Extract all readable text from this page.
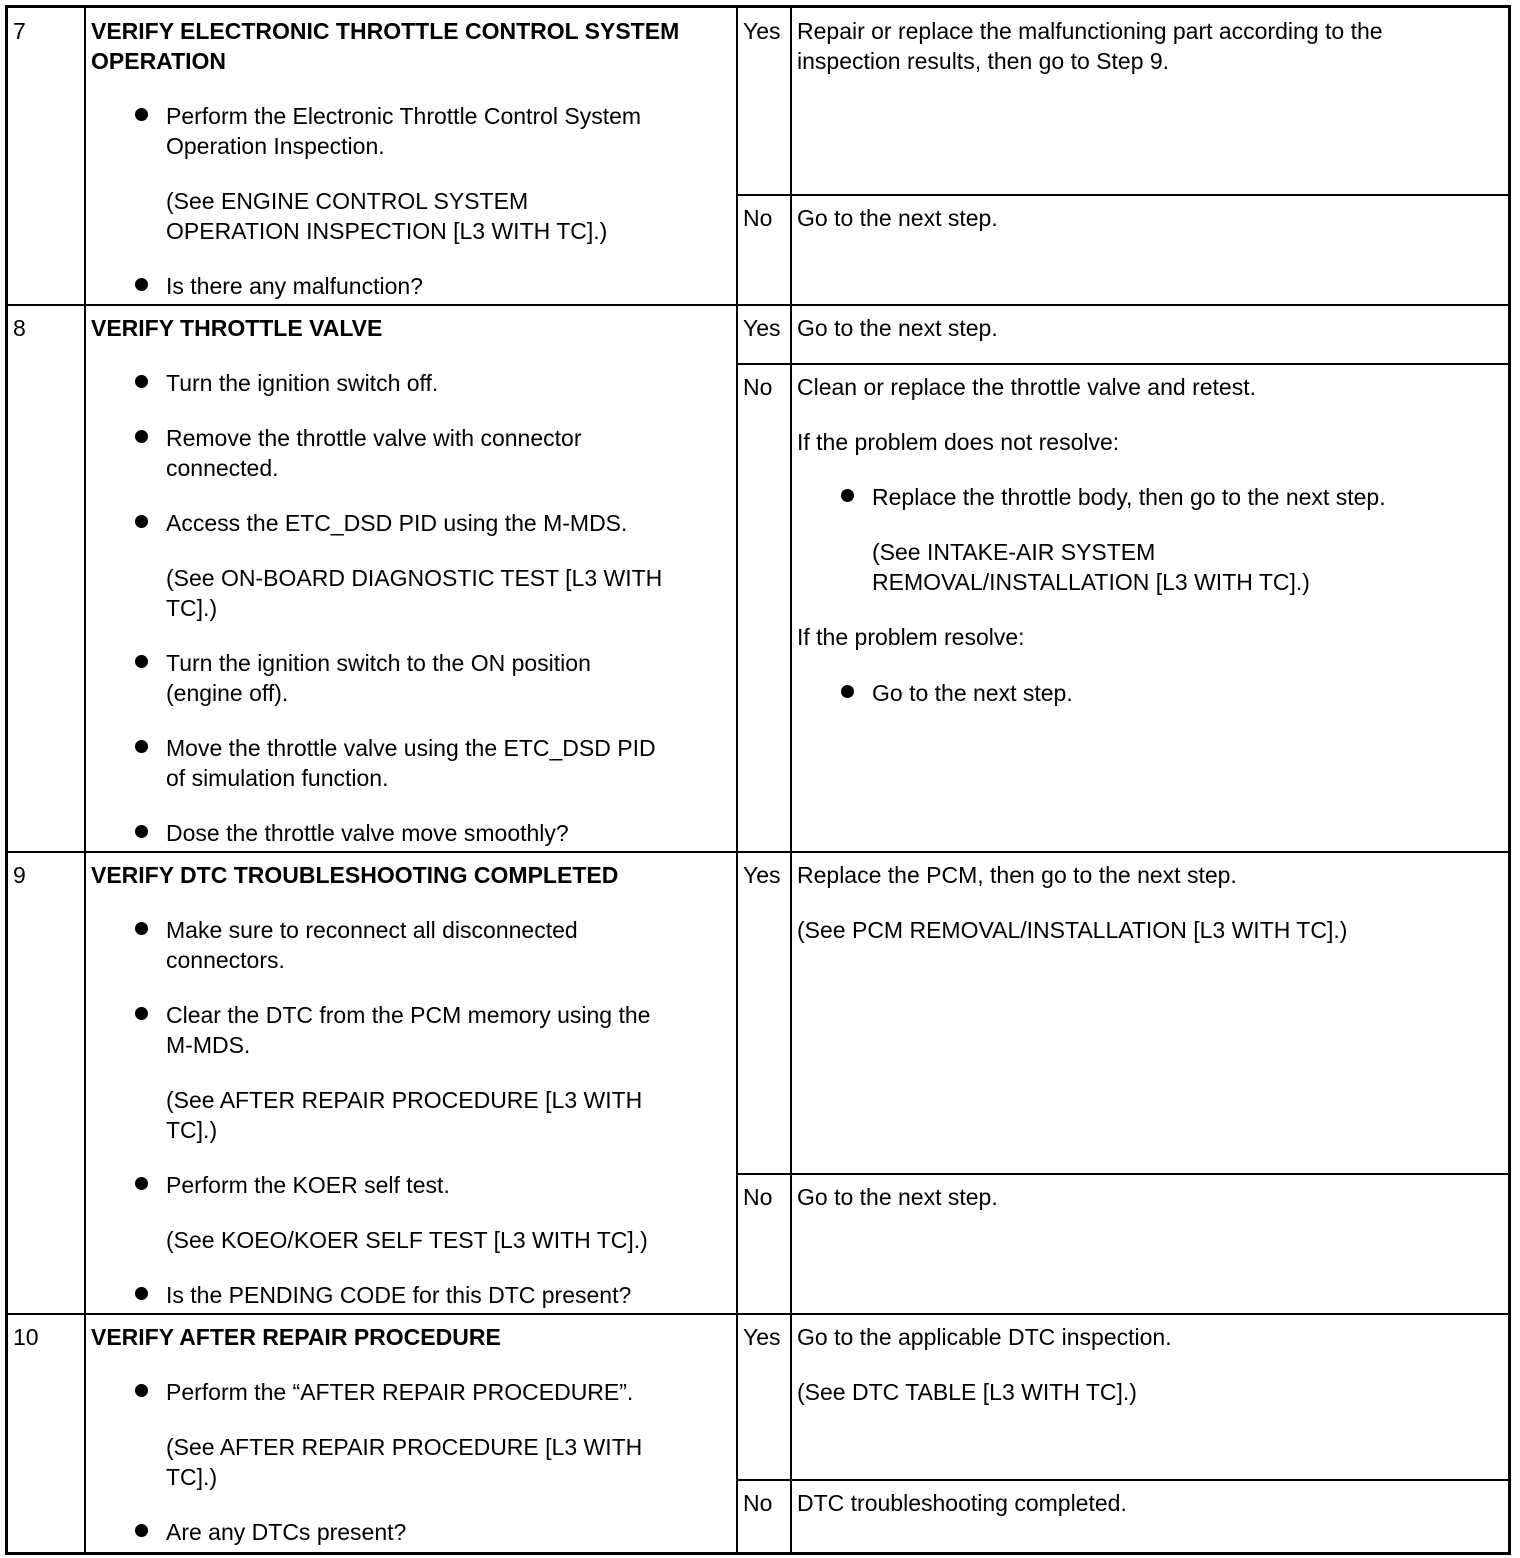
7	VERIFY ELECTRONIC THROTTLE CONTROL SYSTEM
OPERATION
Perform the Electronic Throttle Control System
Operation Inspection.
(See ENGINE CONTROL SYSTEM
OPERATION INSPECTION [L3 WITH TC].)
Is there any malfunction?
Yes Repair or replace the malfunctioning part according to the
inspection results, then go to Step 9.
No Go to the next step.
8	VERIFY THROTTLE VALVE
Turn the ignition switch off.
Remove the throttle valve with connector
connected.
Access the ETC_DSD PID using the M-MDS.
(See ON-BOARD DIAGNOSTIC TEST [L3 WITH
TC].)
Turn the ignition switch to the ON position
(engine off).
Move the throttle valve using the ETC_DSD PID
of simulation function.
Dose the throttle valve move smoothly?
Yes Go to the next step.
No Clean or replace the throttle valve and retest.
If the problem does not resolve:
Replace the throttle body, then go to the next step.
(See INTAKE-AIR SYSTEM
REMOVAL/INSTALLATION [L3 WITH TC].)
If the problem resolve:
Go to the next step.
9	VERIFY DTC TROUBLESHOOTING COMPLETED
Make sure to reconnect all disconnected
connectors.
Clear the DTC from the PCM memory using the
M-MDS.
(See AFTER REPAIR PROCEDURE [L3 WITH
TC].)
Perform the KOER self test.
(See KOEO/KOER SELF TEST [L3 WITH TC].)
Is the PENDING CODE for this DTC present?
Yes Replace the PCM, then go to the next step.
(See PCM REMOVAL/INSTALLATION [L3 WITH TC].)
No Go to the next step.
10 VERIFY AFTER REPAIR PROCEDURE
Perform the “AFTER REPAIR PROCEDURE”.
(See AFTER REPAIR PROCEDURE [L3 WITH
TC].)
Are any DTCs present?
Yes Go to the applicable DTC inspection.
(See DTC TABLE [L3 WITH TC].)
No DTC troubleshooting completed.
